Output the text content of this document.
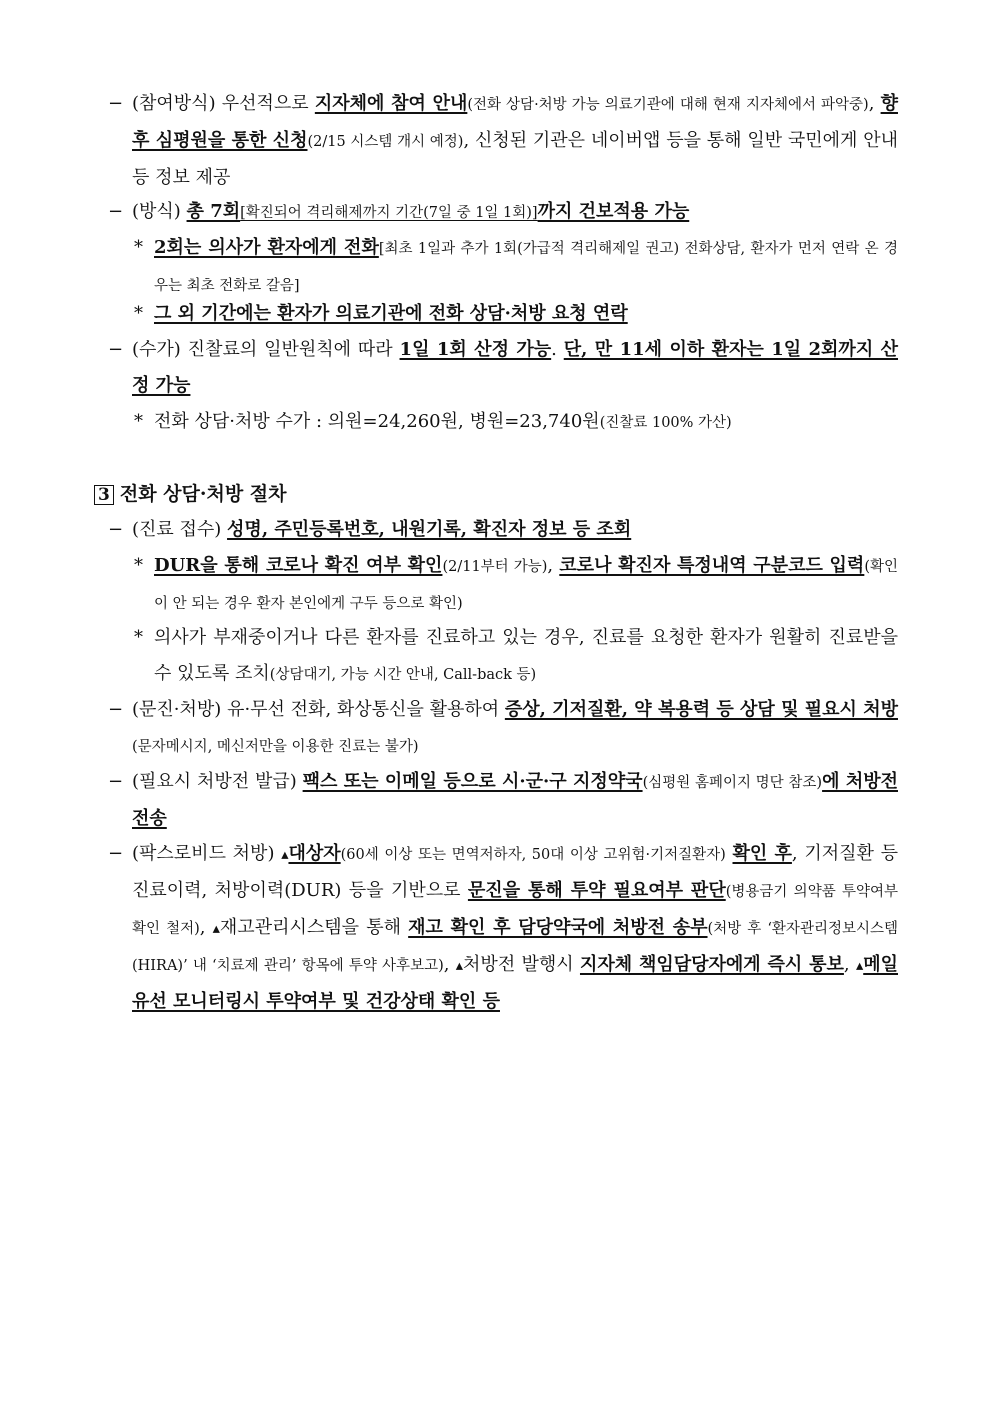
− (참여방식) 우선적으로 지자체에 참여 안내(전화 상담·처방 가능 의료기관에 대해 현재 지자체에서 파악중), 향후 심평원을 통한 신청(2/15 시스템 개시 예정), 신청된 기관은 네이버앱 등을 통해 일반 국민에게 안내 등 정보 제공
− (방식) 총 7회[확진되어 격리해제까지 기간(7일 중 1일 1회)]까지 건보적용 가능
* 2회는 의사가 환자에게 전화[최초 1일과 추가 1회(가급적 격리해제일 권고) 전화상담, 환자가 먼저 연락 온 경우는 최초 전화로 갈음]
* 그 외 기간에는 환자가 의료기관에 전화 상담·처방 요청 연락
− (수가) 진찰료의 일반원칙에 따라 1일 1회 산정 가능. 단, 만 11세 이하 환자는 1일 2회까지 산정 가능
* 전화 상담·처방 수가 : 의원=24,260원, 병원=23,740원(진찰료 100% 가산)
3 전화 상담·처방 절차
− (진료 접수) 성명, 주민등록번호, 내원기록, 확진자 정보 등 조회
* DUR을 통해 코로나 확진 여부 확인(2/11부터 가능), 코로나 확진자 특정내역 구분코드 입력(확인이 안 되는 경우 환자 본인에게 구두 등으로 확인)
* 의사가 부재중이거나 다른 환자를 진료하고 있는 경우, 진료를 요청한 환자가 원활히 진료받을 수 있도록 조치(상담대기, 가능 시간 안내, Call-back 등)
− (문진·처방) 유·무선 전화, 화상통신을 활용하여 증상, 기저질환, 약 복용력 등 상담 및 필요시 처방(문자메시지, 메신저만을 이용한 진료는 불가)
− (필요시 처방전 발급) 팩스 또는 이메일 등으로 시·군·구 지정약국(심평원 홈페이지 명단 참조)에 처방전 전송
− (팍스로비드 처방) ▴대상자(60세 이상 또는 면역저하자, 50대 이상 고위험·기저질환자) 확인 후, 기저질환 등 진료이력, 처방이력(DUR) 등을 기반으로 문진을 통해 투약 필요여부 판단(병용금기 의약품 투약여부 확인 철저), ▴재고관리시스템을 통해 재고 확인 후 담당약국에 처방전 송부(처방 후 ‘환자관리정보시스템(HIRA)’ 내 ‘치료제 관리’ 항목에 투약 사후보고), ▴처방전 발행시 지자체 책임담당자에게 즉시 통보, ▴메일 유선 모니터링시 투약여부 및 건강상태 확인 등
